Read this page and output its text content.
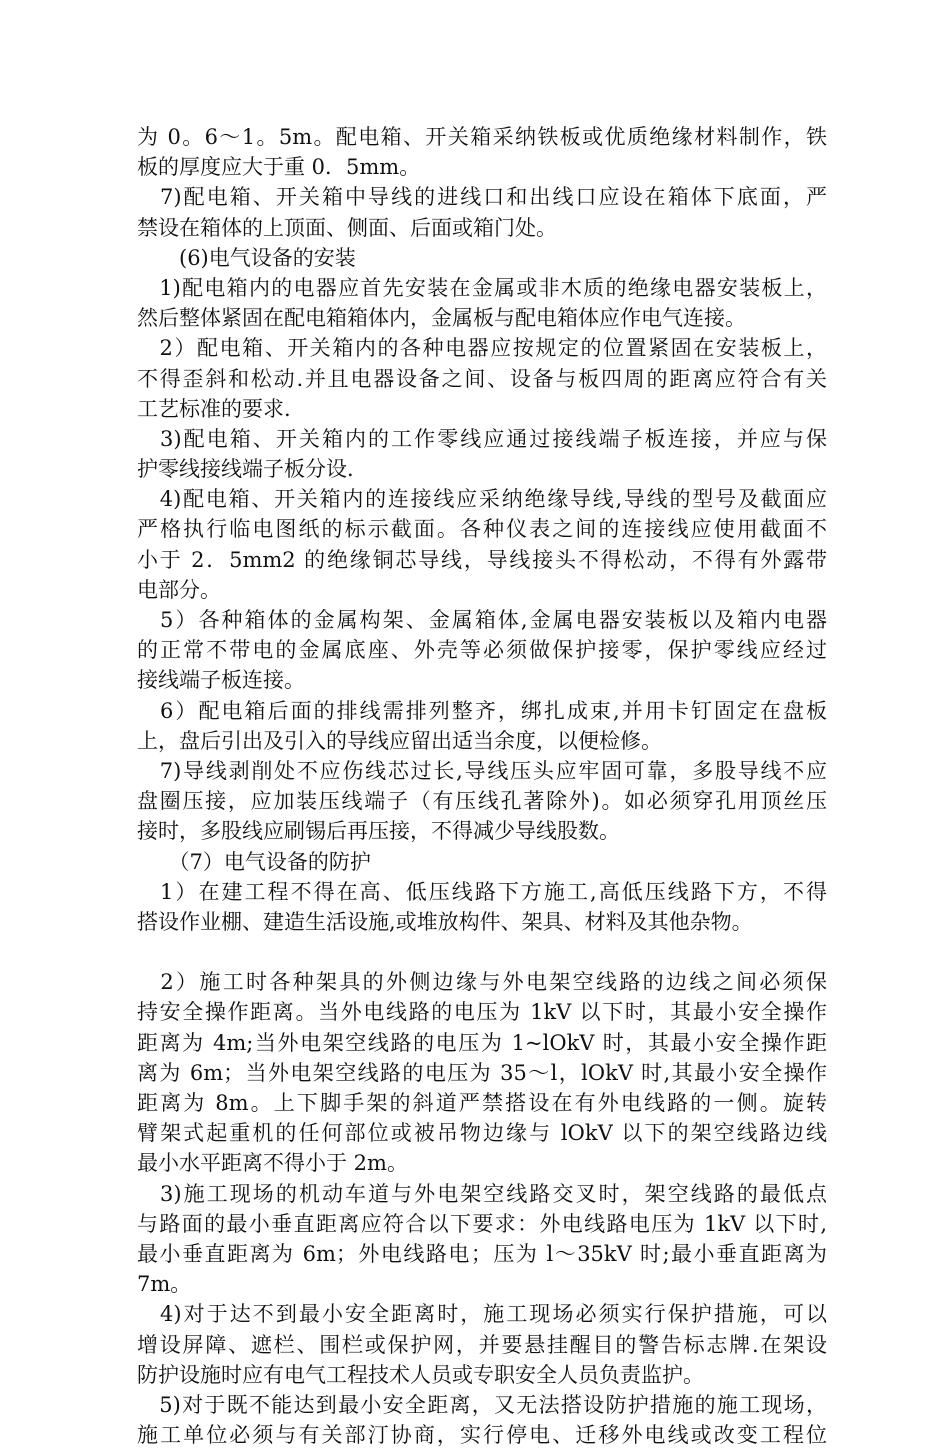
为 0。6～1。5m。配电箱、开关箱采纳铁板或优质绝缘材料制作，铁
板的厚度应大于重 0．5mm。
　7)配电箱、开关箱中导线的进线口和出线口应设在箱体下底面，严
禁设在箱体的上顶面、侧面、后面或箱门处。
　　(6)电气设备的安装
　1)配电箱内的电器应首先安装在金属或非木质的绝缘电器安装板上，
然后整体紧固在配电箱箱体内，金属板与配电箱体应作电气连接。
　2）配电箱、开关箱内的各种电器应按规定的位置紧固在安装板上，
不得歪斜和松动.并且电器设备之间、设备与板四周的距离应符合有关
工艺标准的要求.
　3)配电箱、开关箱内的工作零线应通过接线端子板连接，并应与保
护零线接线端子板分设.
　4)配电箱、开关箱内的连接线应采纳绝缘导线,导线的型号及截面应
严格执行临电图纸的标示截面。各种仪表之间的连接线应使用截面不
小于 2．5mm2 的绝缘铜芯导线，导线接头不得松动，不得有外露带
电部分。
　5）各种箱体的金属构架、金属箱体,金属电器安装板以及箱内电器
的正常不带电的金属底座、外壳等必须做保护接零，保护零线应经过
接线端子板连接。
　6）配电箱后面的排线需排列整齐，绑扎成束,并用卡钉固定在盘板
上，盘后引出及引入的导线应留出适当余度，以便检修。
　7)导线剥削处不应伤线芯过长,导线压头应牢固可靠，多股导线不应
盘圈压接，应加装压线端子（有压线孔著除外)。如必须穿孔用顶丝压
接时，多股线应刷锡后再压接，不得减少导线股数。
　　（7）电气设备的防护
　1）在建工程不得在高、低压线路下方施工,高低压线路下方，不得
搭设作业棚、建造生活设施,或堆放构件、架具、材料及其他杂物。
　2）施工时各种架具的外侧边缘与外电架空线路的边线之间必须保
持安全操作距离。当外电线路的电压为 1kV 以下时，其最小安全操作
距离为 4m;当外电架空线路的电压为 1~lOkV 时，其最小安全操作距
离为 6m；当外电架空线路的电压为 35～l，lOkV 时,其最小安全操作
距离为 8m。上下脚手架的斜道严禁搭设在有外电线路的一侧。旋转
臂架式起重机的任何部位或被吊物边缘与 lOkV 以下的架空线路边线
最小水平距离不得小于 2m。
　3)施工现场的机动车道与外电架空线路交叉时，架空线路的最低点
与路面的最小垂直距离应符合以下要求：外电线路电压为 1kV 以下时,
最小垂直距离为 6m；外电线路电；压为 l～35kV 时;最小垂直距离为
7m。
　4)对于达不到最小安全距离时，施工现场必须实行保护措施，可以
增设屏障、遮栏、围栏或保护网，并要悬挂醒目的警告标志牌.在架设
防护设施时应有电气工程技术人员或专职安全人员负责监护。
　5)对于既不能达到最小安全距离，又无法搭设防护措施的施工现场，
施工单位必须与有关部汀协商，实行停电、迁移外电线或改变工程位
